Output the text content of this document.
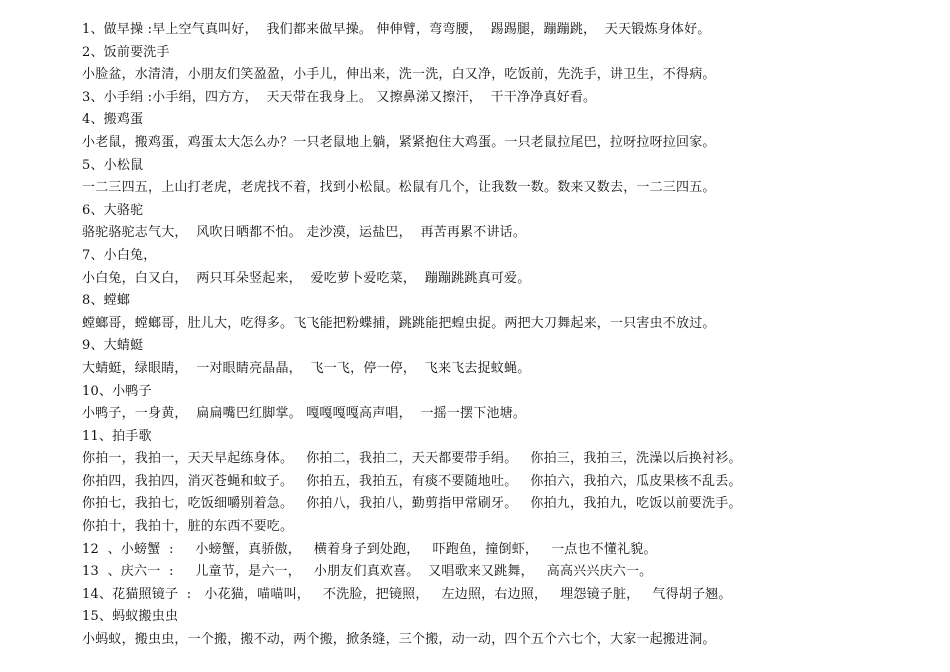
1、做早操 :早上空气真叫好，  我们都来做早操。 伸伸臂，弯弯腰，  踢踢腿，蹦蹦跳，  天天锻炼身体好。
2、饭前要洗手
小脸盆，水清清，小朋友们笑盈盈，小手儿，伸出来，洗一洗，白又净，吃饭前，先洗手，讲卫生，不得病。
3、小手绢 :小手绢，四方方，  天天带在我身上。 又擦鼻涕又擦汗，  干干净净真好看。
4、搬鸡蛋
小老鼠，搬鸡蛋，鸡蛋太大怎么办？一只老鼠地上躺，紧紧抱住大鸡蛋。一只老鼠拉尾巴，拉呀拉呀拉回家。
5、小松鼠
一二三四五，上山打老虎，老虎找不着，找到小松鼠。松鼠有几个，让我数一数。数来又数去，一二三四五。
6、大骆驼
骆驼骆驼志气大，  风吹日晒都不怕。 走沙漠，运盐巴，  再苦再累不讲话。
7、小白兔，
小白兔，白又白，  两只耳朵竖起来，  爱吃萝卜爱吃菜，  蹦蹦跳跳真可爱。
8、螳螂
螳螂哥，螳螂哥，肚儿大，吃得多。飞飞能把粉蝶捕，跳跳能把蝗虫捉。两把大刀舞起来，一只害虫不放过。
9、大蜻蜓
大蜻蜓，绿眼睛，  一对眼睛亮晶晶，  飞一飞，停一停，  飞来飞去捉蚊蝇。
10、小鸭子
小鸭子，一身黄，  扁扁嘴巴红脚掌。 嘎嘎嘎嘎高声唱，  一摇一摆下池塘。
11、拍手歌
你拍一，我拍一，天天早起练身体。   你拍二，我拍二，天天都要带手绢。   你拍三，我拍三，洗澡以后换衬衫。
你拍四，我拍四，消灭苍蝇和蚊子。   你拍五，我拍五，有痰不要随地吐。   你拍六，我拍六，瓜皮果核不乱丢。
你拍七，我拍七，吃饭细嚼别着急。   你拍八，我拍八，勤剪指甲常刷牙。   你拍九，我拍九，吃饭以前要洗手。
你拍十，我拍十，脏的东西不要吃。
12  、小螃蟹  :     小螃蟹，真骄傲，   横着身子到处跑，   吓跑鱼，撞倒虾，   一点也不懂礼貌。
13  、庆六一  :     儿童节，是六一，   小朋友们真欢喜。  又唱歌来又跳舞，   高高兴兴庆六一。
14、花猫照镜子  :   小花猫，喵喵叫，   不洗脸，把镜照，   左边照，右边照，   埋怨镜子脏，   气得胡子翘。
15、蚂蚁搬虫虫
小蚂蚁，搬虫虫，一个搬，搬不动，两个搬，掀条缝，三个搬，动一动，四个五个六七个，大家一起搬进洞。
